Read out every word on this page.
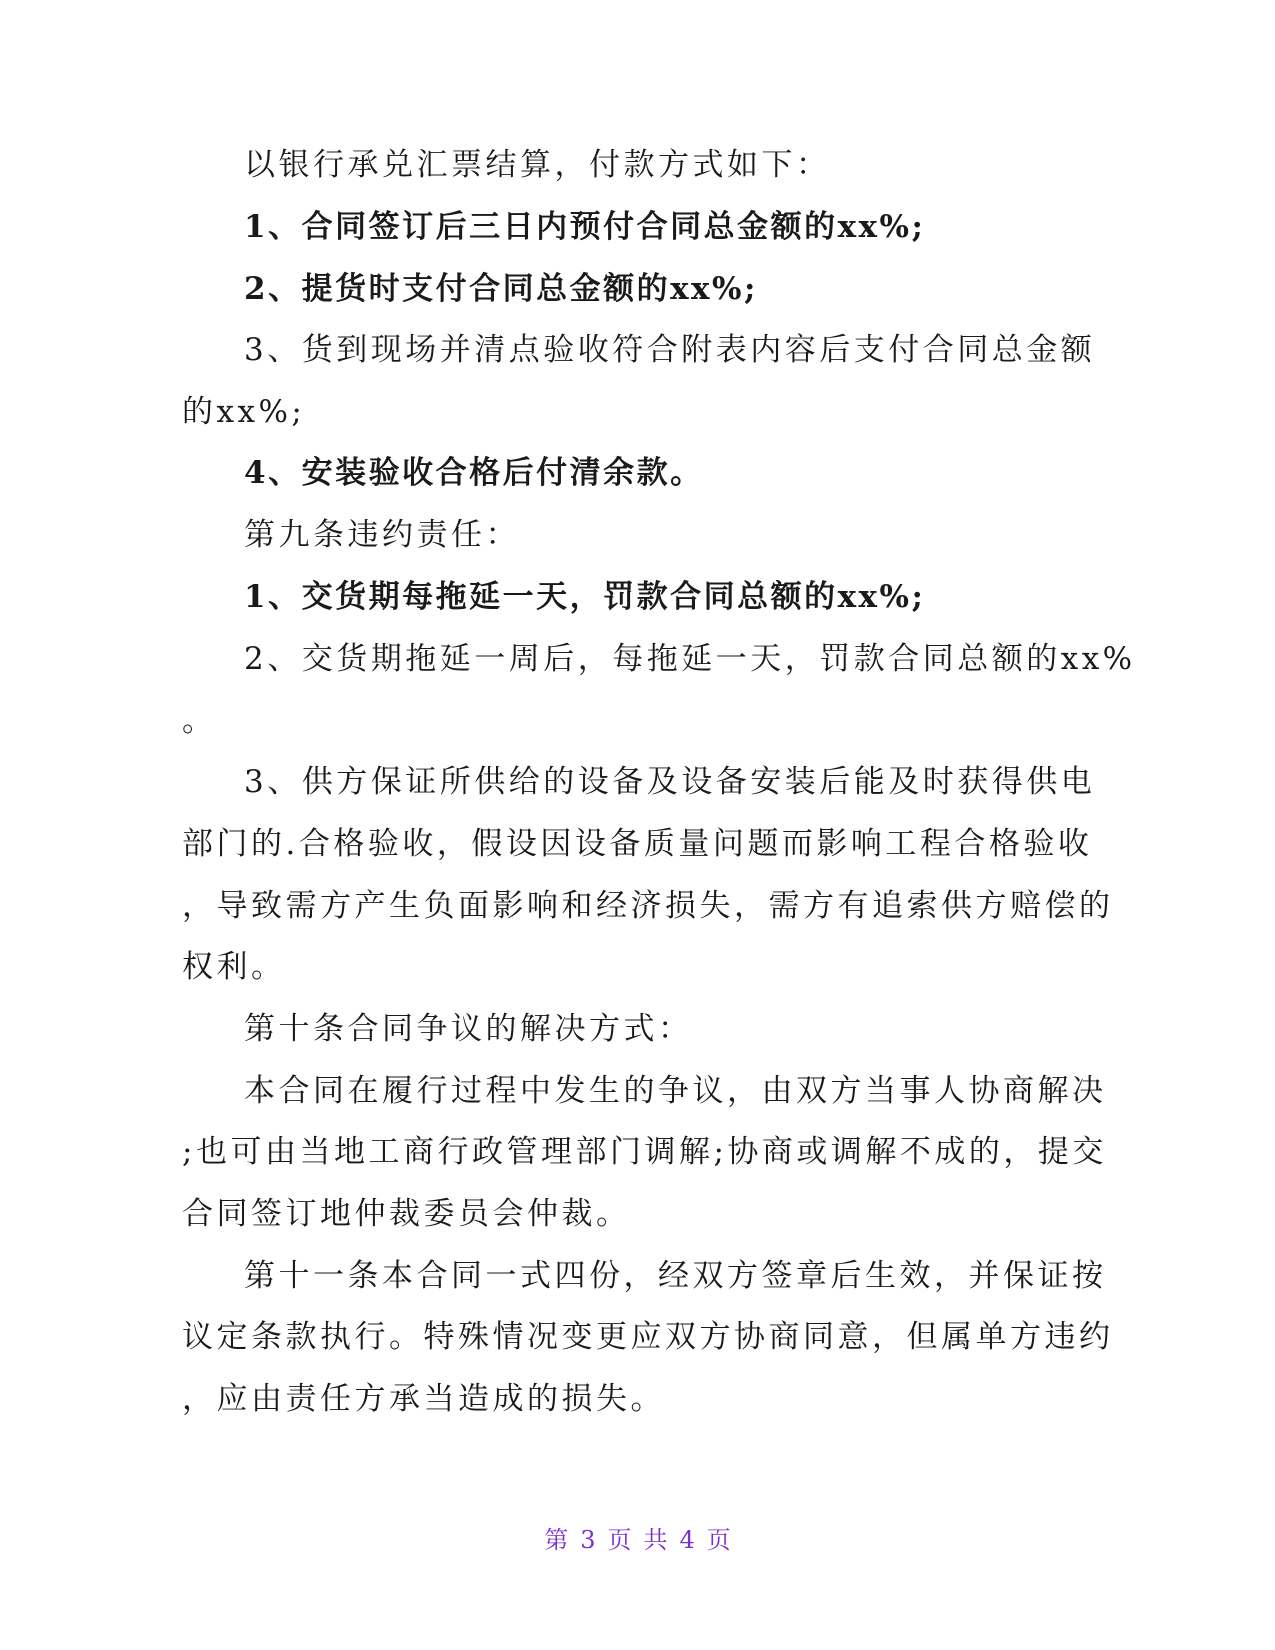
以银行承兑汇票结算，付款方式如下：
1、合同签订后三日内预付合同总金额的xx%;
2、提货时支付合同总金额的xx%;
3、货到现场并清点验收符合附表内容后支付合同总金额
的xx%;
4、安装验收合格后付清余款。
第九条违约责任：
1、交货期每拖延一天，罚款合同总额的xx%;
2、交货期拖延一周后，每拖延一天，罚款合同总额的xx%
。
3、供方保证所供给的设备及设备安装后能及时获得供电
部门的.合格验收，假设因设备质量问题而影响工程合格验收
，导致需方产生负面影响和经济损失，需方有追索供方赔偿的
权利。
第十条合同争议的解决方式：
本合同在履行过程中发生的争议，由双方当事人协商解决
;也可由当地工商行政管理部门调解;协商或调解不成的，提交
合同签订地仲裁委员会仲裁。
第十一条本合同一式四份，经双方签章后生效，并保证按
议定条款执行。特殊情况变更应双方协商同意，但属单方违约
，应由责任方承当造成的损失。
第 3 页 共 4 页
